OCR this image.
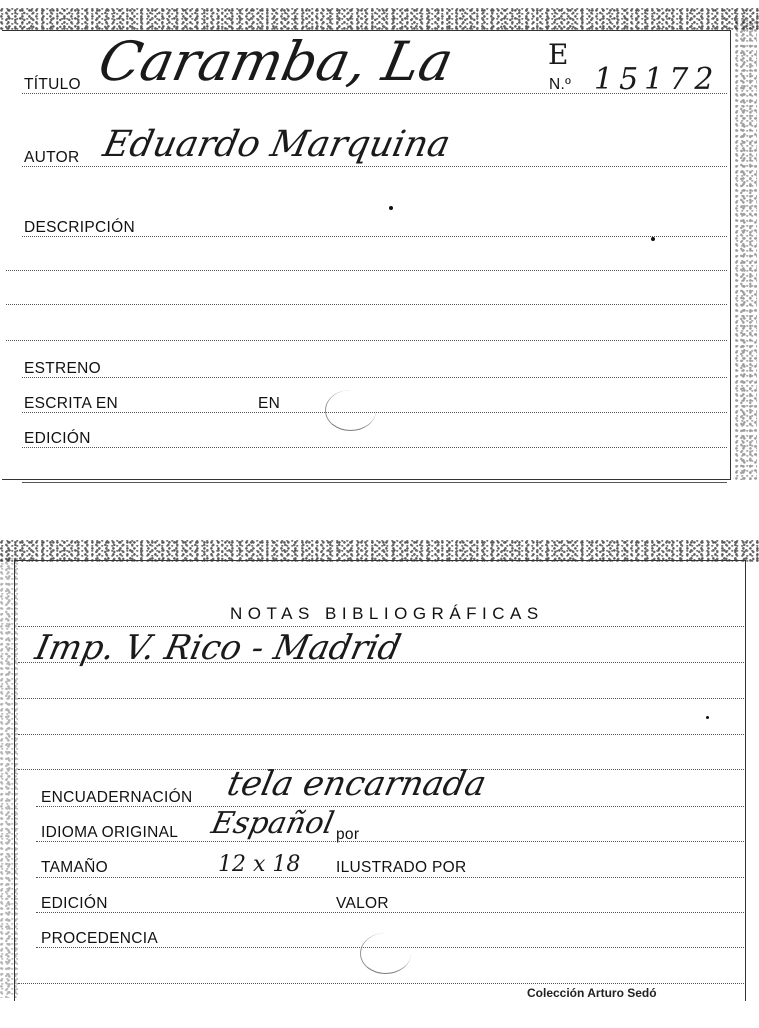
TÍTULO Caramba, La	E
N.º 15172
AUTOR Eduardo Marquina
DESCRIPCIÓN
ESTRENO
ESCRITA EN	EN
EDICIÓN
NOTAS BIBLIOGRÁFICAS
Imp. V. Rico - Madrid
ENCUADERNACIÓN tela encarnada
IDIOMA ORIGINAL Español
por
TAMAÑO	12 x 18 ILUSTRADO POR
EDICIÓN	VALOR
PROCEDENCIA
Colección Arturo Sedó
